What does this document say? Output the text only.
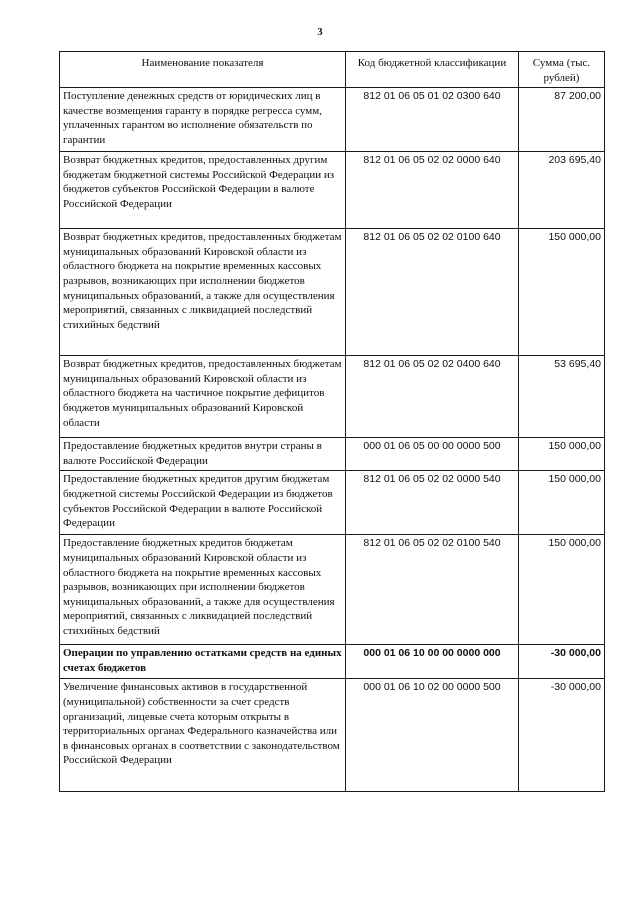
3
Наименование показателя	Код бюджетной классификации	Сумма (тыс. рублей)
Поступление денежных средств от юридических лиц в качестве возмещения гаранту в порядке регресса сумм, уплаченных гарантом во исполнение обязательств по гарантии	812 01 06 05 01 02 0300 640	87 200,00
Возврат бюджетных кредитов, предоставленных другим бюджетам бюджетной системы Российской Федерации из бюджетов субъектов Российской Федерации в валюте Российской Федерации	812 01 06 05 02 02 0000 640	203 695,40
Возврат бюджетных кредитов, предоставленных бюджетам муниципальных образований Кировской области из областного бюджета на покрытие временных кассовых разрывов, возникающих при исполнении бюджетов муниципальных образований, а также для осуществления мероприятий, связанных с ликвидацией последствий стихийных бедствий	812 01 06 05 02 02 0100 640	150 000,00
Возврат бюджетных кредитов, предоставленных бюджетам муниципальных образований Кировской области из областного бюджета на частичное покрытие дефицитов бюджетов муниципальных образований Кировской области	812 01 06 05 02 02 0400 640	53 695,40
Предоставление бюджетных кредитов внутри страны в валюте Российской Федерации	000 01 06 05 00 00 0000 500	150 000,00
Предоставление бюджетных кредитов другим бюджетам бюджетной системы Российской Федерации из бюджетов субъектов Российской Федерации в валюте Российской Федерации	812 01 06 05 02 02 0000 540	150 000,00
Предоставление бюджетных кредитов бюджетам муниципальных образований Кировской области из областного бюджета на покрытие временных кассовых разрывов, возникающих при исполнении бюджетов муниципальных образований, а также для осуществления мероприятий, связанных с ликвидацией последствий стихийных бедствий	812 01 06 05 02 02 0100 540	150 000,00
Операции по управлению остатками средств на единых счетах бюджетов	000 01 06 10 00 00 0000 000	-30 000,00
Увеличение финансовых активов в государственной (муниципальной) собственности за счет средств организаций, лицевые счета которым открыты в территориальных органах Федерального казначейства или в финансовых органах в соответствии с законодательством Российской Федерации	000 01 06 10 02 00 0000 500	-30 000,00
